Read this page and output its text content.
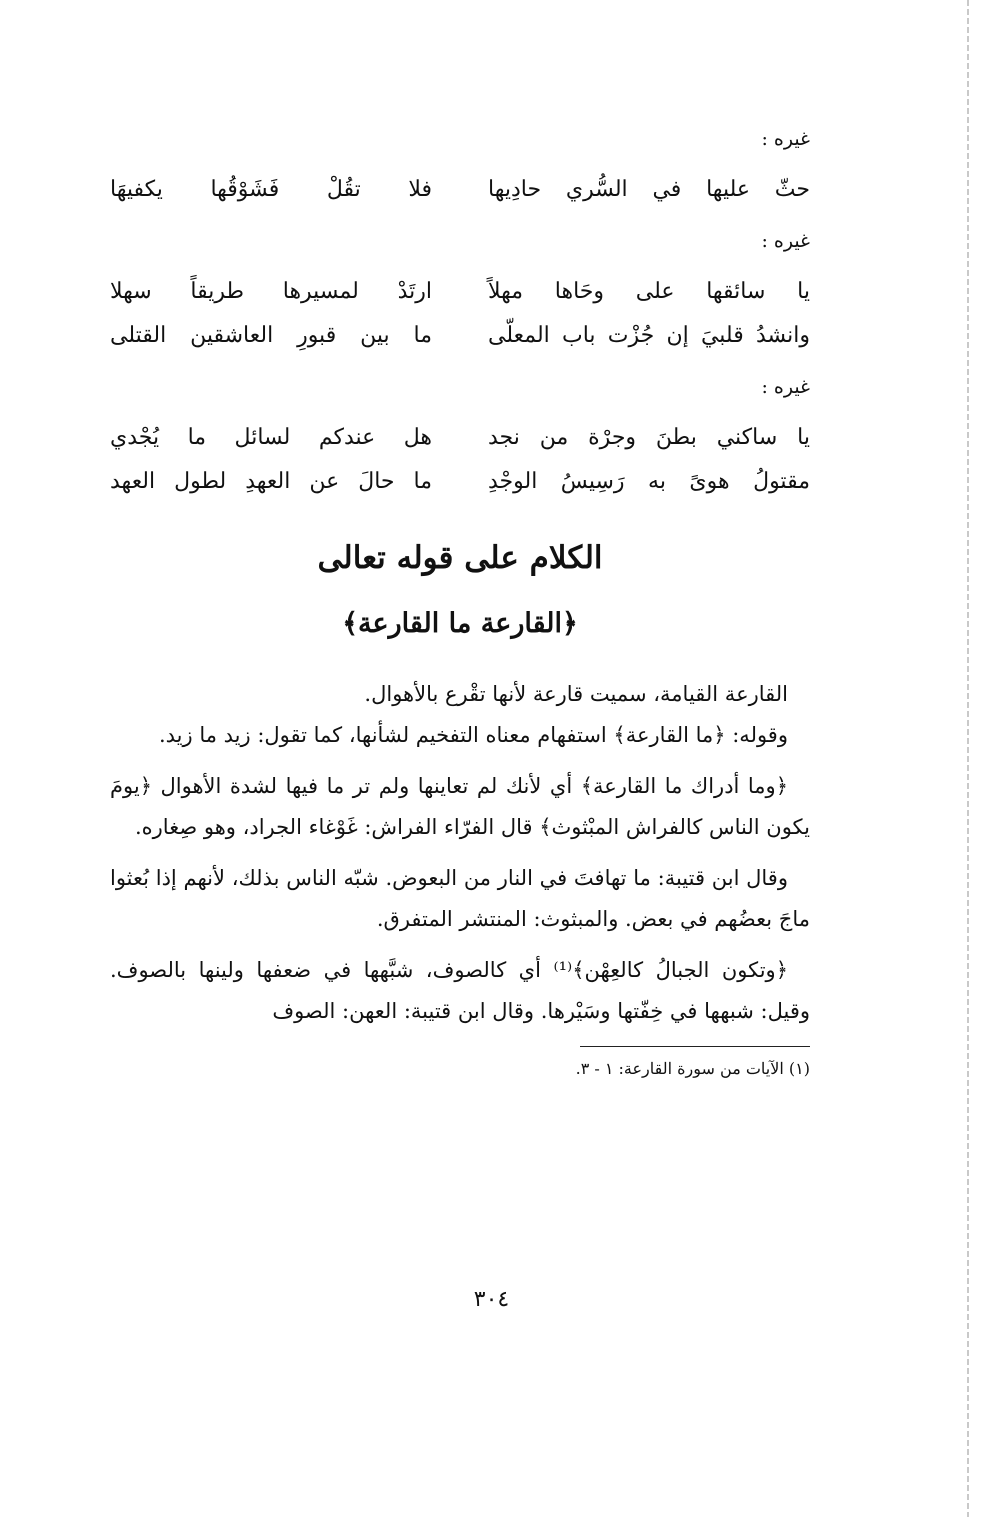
غيره :

حثّ عليها في السُّري حادِيها
فلا تقُلْ فَشَوْقُها يكفيهَا

غيره :

يا سائقها على وحَاها مهلاً
ارتَدْ لمسيرها طريقاً سهلا
وانشدُ قلبيَ إن جُزْت باب المعلّى
ما بين قبورِ العاشقين القتلى

غيره :

يا ساكني بطنَ وجرْة من نجد
هل عندكم لسائل ما يُجْدي
مقتولُ هوىً به رَسِيسُ الوجْدِ
ما حالَ عن العهدِ لطول العهد
الكلام على قوله تعالى
﴿القارعة ما القارعة﴾

القارعة القيامة، سميت قارعة لأنها تقْرع بالأهوال.

وقوله: ﴿ما القارعة﴾ استفهام معناه التفخيم لشأنها، كما تقول: زيد ما زيد.

﴿وما أدراك ما القارعة﴾ أي لأنك لم تعاينها ولم تر ما فيها لشدة الأهوال ﴿يومَ يكون الناس كالفراش المبْثوث﴾ قال الفرّاء الفراش: غَوْغاء الجراد، وهو صِغاره.

وقال ابن قتيبة: ما تهافتَ في النار من البعوض. شبّه الناس بذلك، لأنهم إذا بُعثوا ماجَ بعضُهم في بعض. والمبثوث: المنتشر المتفرق.

﴿وتكون الجبالُ كالعِهْن﴾⁽¹⁾ أي كالصوف، شبَّهها في ضعفها ولينها بالصوف. وقيل: شبهها في خِفّتها وسَيْرها. وقال ابن قتيبة: العهن: الصوف

(١) الآيات من سورة القارعة: ١ - ٣.

٣٠٤
